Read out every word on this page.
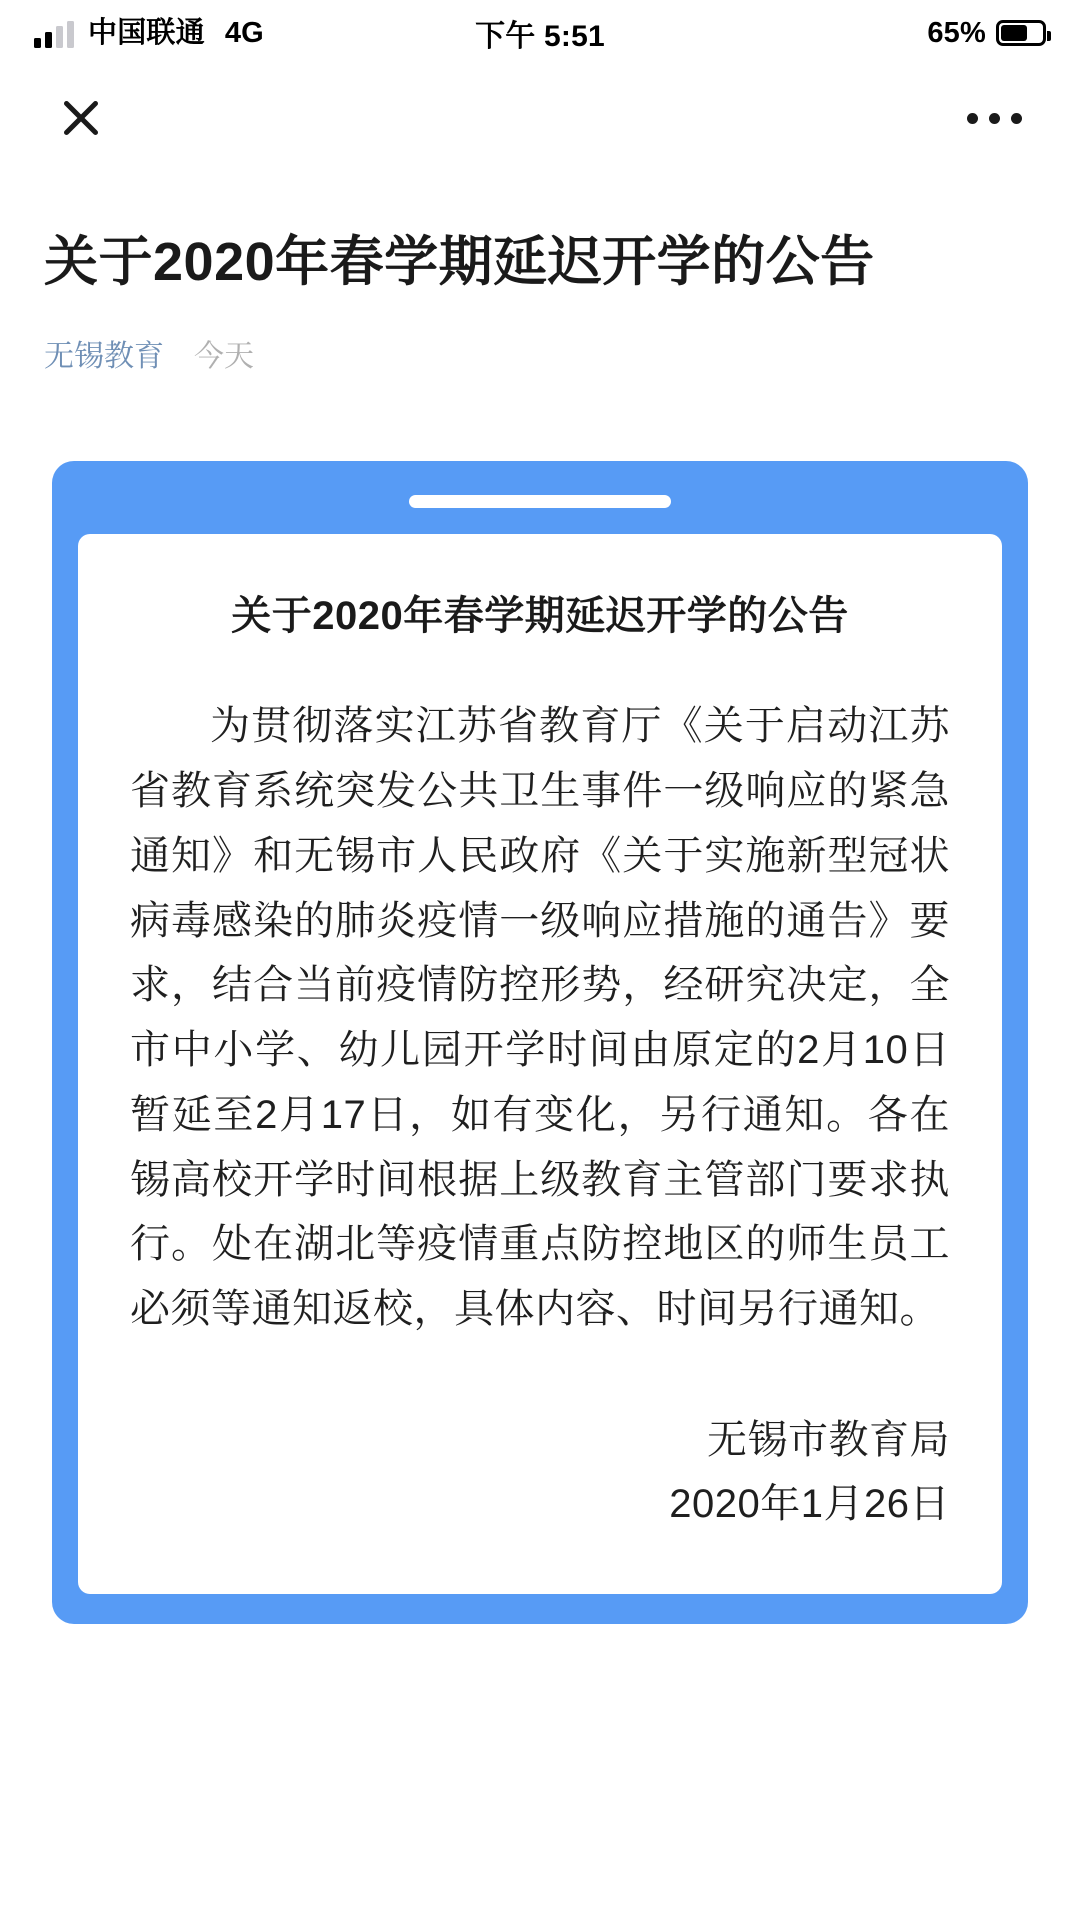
中国联通 4G	下午 5:51	65%
关于2020年春学期延迟开学的公告
无锡教育 今天
关于2020年春学期延迟开学的公告
为贯彻落实江苏省教育厅《关于启动江苏省教育系统突发公共卫生事件一级响应的紧急通知》和无锡市人民政府《关于实施新型冠状病毒感染的肺炎疫情一级响应措施的通告》要求，结合当前疫情防控形势，经研究决定，全市中小学、幼儿园开学时间由原定的2月10日暂延至2月17日，如有变化，另行通知。各在锡高校开学时间根据上级教育主管部门要求执行。处在湖北等疫情重点防控地区的师生员工必须等通知返校，具体内容、时间另行通知。
无锡市教育局
2020年1月26日
